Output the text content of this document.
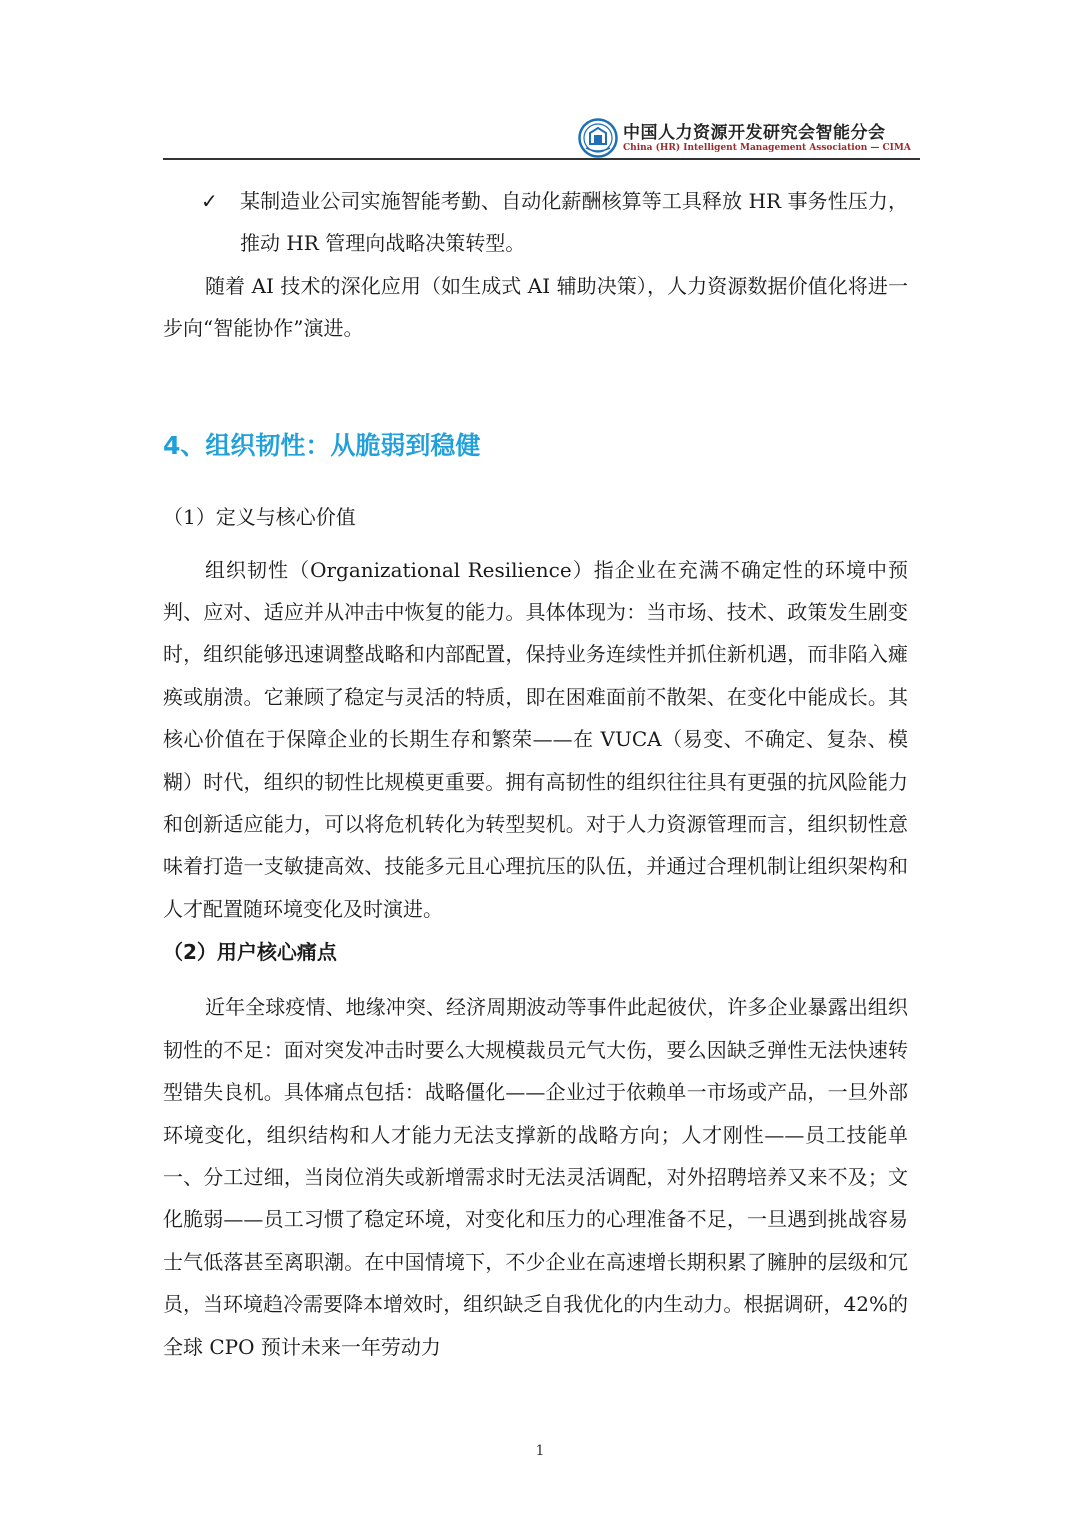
中国人力资源开发研究会智能分会
China (HR) Intelligent Management Association — CIMA

✓ 某制造业公司实施智能考勤、自动化薪酬核算等工具释放 HR 事务性压力，推动 HR 管理向战略决策转型。

随着 AI 技术的深化应用（如生成式 AI 辅助决策），人力资源数据价值化将进一步向“智能协作”演进。

4、组织韧性：从脆弱到稳健
（1）定义与核心价值

组织韧性（Organizational Resilience）指企业在充满不确定性的环境中预判、应对、适应并从冲击中恢复的能力。具体体现为：当市场、技术、政策发生剧变时，组织能够迅速调整战略和内部配置，保持业务连续性并抓住新机遇，而非陷入瘫痪或崩溃。它兼顾了稳定与灵活的特质，即在困难面前不散架、在变化中能成长。其核心价值在于保障企业的长期生存和繁荣——在 VUCA（易变、不确定、复杂、模糊）时代，组织的韧性比规模更重要。拥有高韧性的组织往往具有更强的抗风险能力和创新适应能力，可以将危机转化为转型契机。对于人力资源管理而言，组织韧性意味着打造一支敏捷高效、技能多元且心理抗压的队伍，并通过合理机制让组织架构和人才配置随环境变化及时演进。

（2）用户核心痛点

近年全球疫情、地缘冲突、经济周期波动等事件此起彼伏，许多企业暴露出组织韧性的不足：面对突发冲击时要么大规模裁员元气大伤，要么因缺乏弹性无法快速转型错失良机。具体痛点包括：战略僵化——企业过于依赖单一市场或产品，一旦外部环境变化，组织结构和人才能力无法支撑新的战略方向；人才刚性——员工技能单一、分工过细，当岗位消失或新增需求时无法灵活调配，对外招聘培养又来不及；文化脆弱——员工习惯了稳定环境，对变化和压力的心理准备不足，一旦遇到挑战容易士气低落甚至离职潮。在中国情境下，不少企业在高速增长期积累了臃肿的层级和冗员，当环境趋冷需要降本增效时，组织缺乏自我优化的内生动力。根据调研，42%的全球 CPO 预计未来一年劳动力

1
